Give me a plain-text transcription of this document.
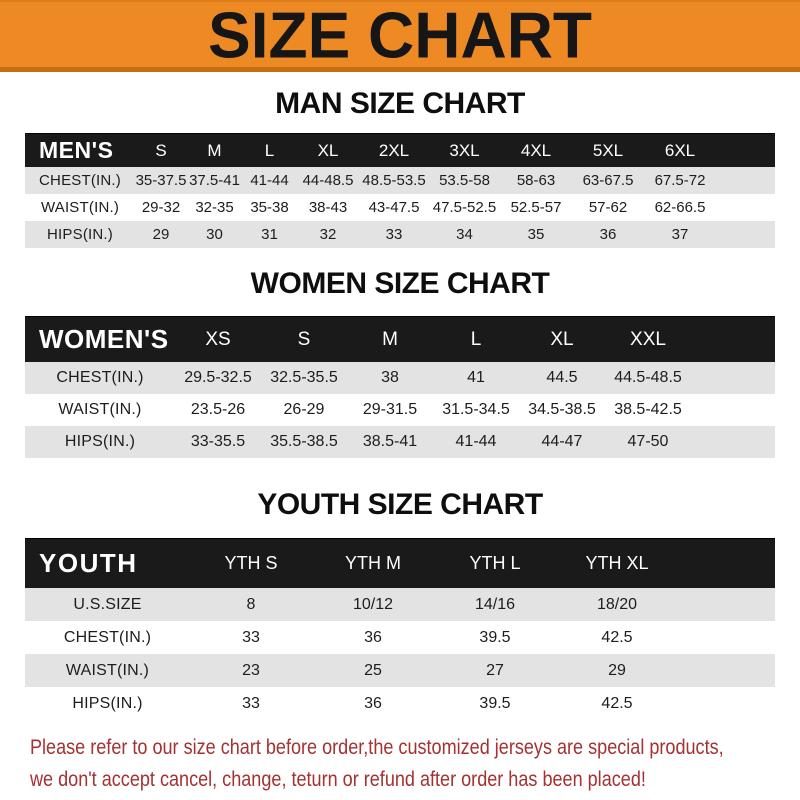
SIZE CHART
MAN SIZE CHART
MEN'S	S	M	L	XL	2XL	3XL	4XL	5XL	6XL
CHEST(IN.) 35-37.5 37.5-41 41-44 44-48.5 48.5-53.5 53.5-58	58-63	63-67.5	67.5-72
WAIST(IN.)	29-32	32-35	35-38	38-43	43-47.5 47.5-52.5 52.5-57	57-62	62-66.5
HIPS(IN.)	29	30	31	32	33	34	35	36	37
WOMEN SIZE CHART
WOMEN'S	XS	S	M	L	XL	XXL
CHEST(IN.)	29.5-32.5	32.5-35.5	38	41	44.5	44.5-48.5
WAIST(IN.)	23.5-26	26-29	29-31.5	31.5-34.5	34.5-38.5	38.5-42.5
HIPS(IN.)	33-35.5	35.5-38.5	38.5-41	41-44	44-47	47-50
YOUTH SIZE CHART
YOUTH	YTH S	YTH M	YTH L	YTH XL
U.S.SIZE	8	10/12	14/16	18/20
CHEST(IN.)	33	36	39.5	42.5
WAIST(IN.)	23	25	27	29
HIPS(IN.)	33	36	39.5	42.5
Please refer to our size chart before order,the customized jerseys are special products,
we don't accept cancel, change, teturn or refund after order has been placed!
